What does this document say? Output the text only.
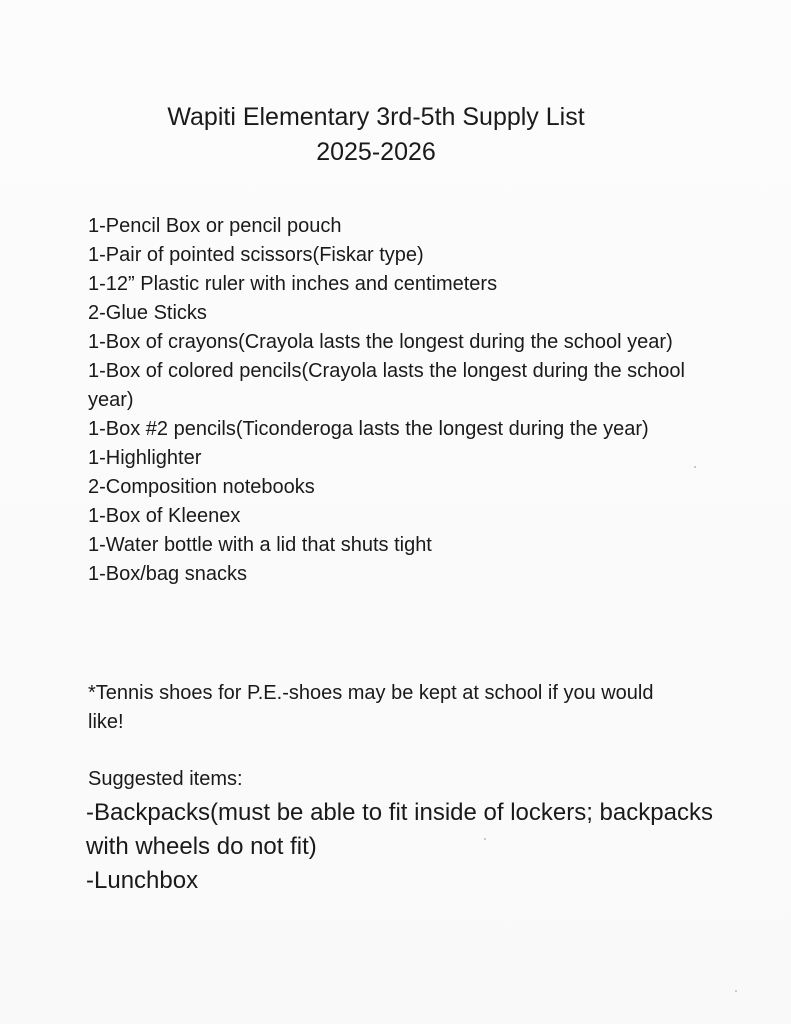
Wapiti Elementary 3rd-5th Supply List

2025-2026

1-Pencil Box or pencil pouch
1-Pair of pointed scissors(Fiskar type)
1-12” Plastic ruler with inches and centimeters
2-Glue Sticks
1-Box of crayons(Crayola lasts the longest during the school year)
1-Box of colored pencils(Crayola lasts the longest during the school year)
1-Box #2 pencils(Ticonderoga lasts the longest during the year)
1-Highlighter
2-Composition notebooks
1-Box of Kleenex
1-Water bottle with a lid that shuts tight
1-Box/bag snacks

*Tennis shoes for P.E.-shoes may be kept at school if you would like!

Suggested items:

-Backpacks(must be able to fit inside of lockers; backpacks with wheels do not fit)
-Lunchbox
